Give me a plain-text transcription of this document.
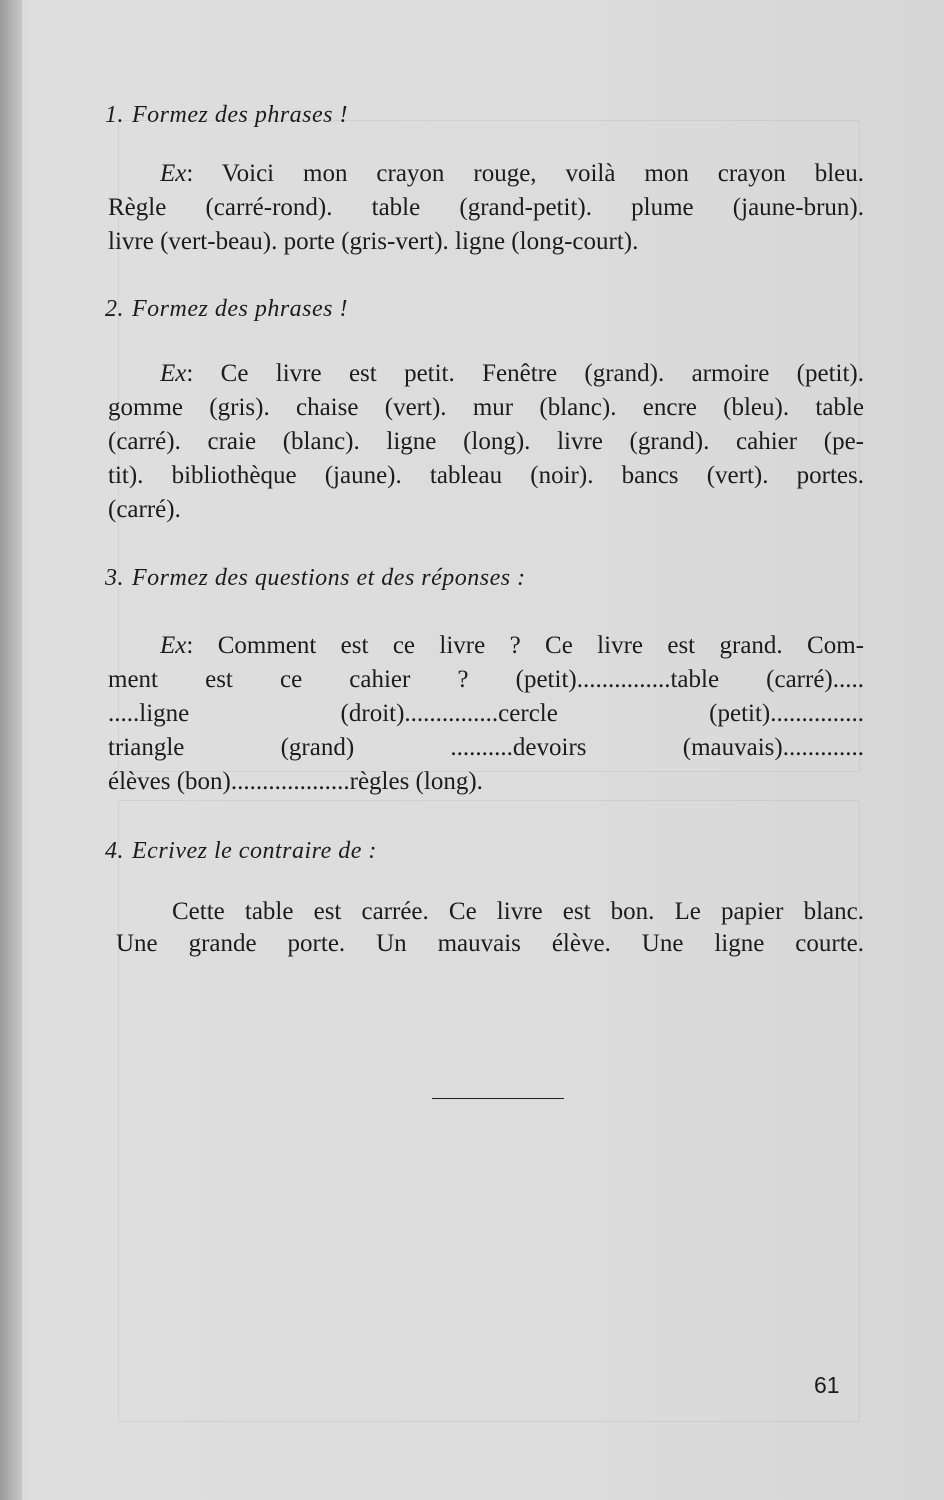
1. Formez des phrases !
Ex: Voici mon crayon rouge, voilà mon crayon bleu.
Règle (carré-rond). table (grand-petit). plume (jaune-brun).
livre (vert-beau). porte (gris-vert). ligne (long-court).
2. Formez des phrases !
Ex: Ce livre est petit. Fenêtre (grand). armoire (petit).
gomme (gris). chaise (vert). mur (blanc). encre (bleu). table
(carré). craie (blanc). ligne (long). livre (grand). cahier (pe-
tit). bibliothèque (jaune). tableau (noir). bancs (vert). portes.
(carré).
3. Formez des questions et des réponses :
Ex: Comment est ce livre ? Ce livre est grand. Com-
ment est ce cahier ? (petit)...............table (carré).....
.....ligne (droit)...............cercle (petit)...............
triangle (grand) ..........devoirs (mauvais).............
élèves (bon)...................règles (long).
4. Ecrivez le contraire de :
Cette table est carrée. Ce livre est bon. Le papier blanc.
Une grande porte. Un mauvais élève. Une ligne courte.
61
